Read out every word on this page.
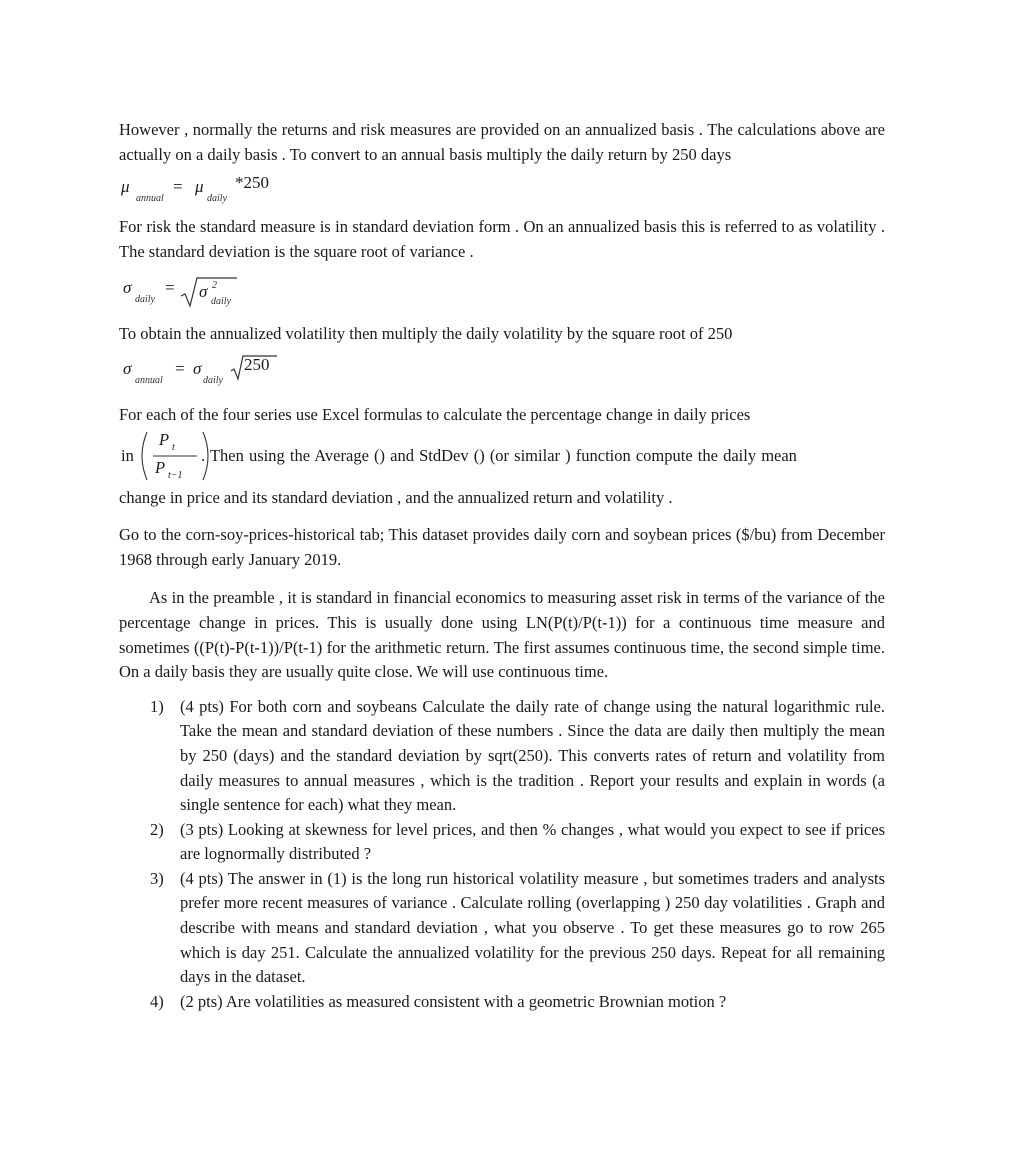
However , normally the returns and risk measures are provided on an annualized basis . The calculations above are actually on a daily basis . To convert to an annual basis multiply the daily return by 250 days

μ
annual
= μ
daily
*250

For risk the standard measure is in standard deviation form . On an annualized basis this is referred to as volatility . The standard deviation is the square root of variance .

σ
daily
= σ 2
daily

To obtain the annualized volatility then multiply the daily volatility by the square root of 250

σ
annual
= σ
daily
250

For each of the four series use Excel formulas to calculate the percentage change in daily prices

in
P t
P t−1
. Then using the Average () and StdDev () (or similar ) function compute the daily mean

change in price and its standard deviation , and the annualized return and volatility .

Go to the corn-soy-prices-historical tab; This dataset provides daily corn and soybean prices ($/bu) from December 1968 through early January 2019.

As in the preamble , it is standard in financial economics to measuring asset risk in terms of the variance of the percentage change in prices. This is usually done using LN(P(t)/P(t-1)) for a continuous time measure and sometimes ((P(t)-P(t-1))/P(t-1) for the arithmetic return. The first assumes continuous time, the second simple time. On a daily basis they are usually quite close. We will use continuous time.

1) (4 pts) For both corn and soybeans Calculate the daily rate of change using the natural logarithmic rule. Take the mean and standard deviation of these numbers . Since the data are daily then multiply the mean by 250 (days) and the standard deviation by sqrt(250). This converts rates of return and volatility from daily measures to annual measures , which is the tradition . Report your results and explain in words (a single sentence for each) what they mean.
2) (3 pts) Looking at skewness for level prices, and then % changes , what would you expect to see if prices are lognormally distributed ?
3) (4 pts) The answer in (1) is the long run historical volatility measure , but sometimes traders and analysts prefer more recent measures of variance . Calculate rolling (overlapping ) 250 day volatilities . Graph and describe with means and standard deviation , what you observe . To get these measures go to row 265 which is day 251. Calculate the annualized volatility for the previous 250 days. Repeat for all remaining days in the dataset.
4) (2 pts) Are volatilities as measured consistent with a geometric Brownian motion ?
